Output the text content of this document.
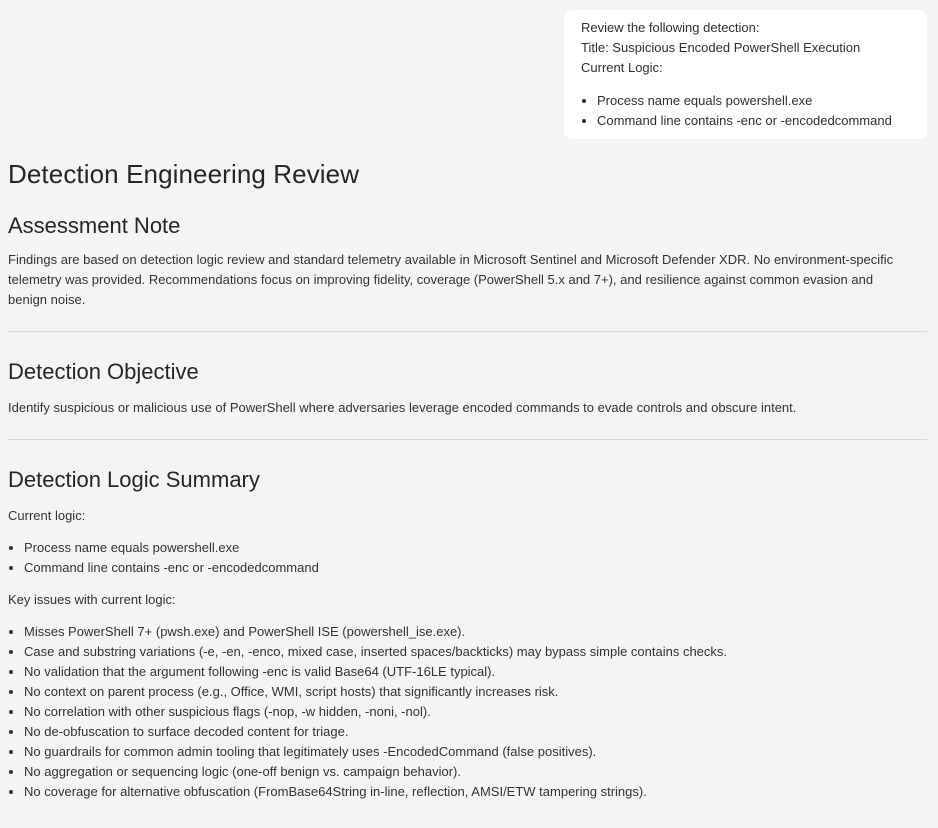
Review the following detection:
Title: Suspicious Encoded PowerShell Execution
Current Logic:
• Process name equals powershell.exe
• Command line contains -enc or -encodedcommand
Detection Engineering Review
Assessment Note

Findings are based on detection logic review and standard telemetry available in Microsoft Sentinel and Microsoft Defender XDR. No environment-specific telemetry was provided. Recommendations focus on improving fidelity, coverage (PowerShell 5.x and 7+), and resilience against common evasion and benign noise.

Detection Objective

Identify suspicious or malicious use of PowerShell where adversaries leverage encoded commands to evade controls and obscure intent.

Detection Logic Summary

Current logic:

• Process name equals powershell.exe
• Command line contains -enc or -encodedcommand

Key issues with current logic:

• Misses PowerShell 7+ (pwsh.exe) and PowerShell ISE (powershell_ise.exe).
• Case and substring variations (-e, -en, -enco, mixed case, inserted spaces/backticks) may bypass simple contains checks.
• No validation that the argument following -enc is valid Base64 (UTF-16LE typical).
• No context on parent process (e.g., Office, WMI, script hosts) that significantly increases risk.
• No correlation with other suspicious flags (-nop, -w hidden, -noni, -nol).
• No de-obfuscation to surface decoded content for triage.
• No guardrails for common admin tooling that legitimately uses -EncodedCommand (false positives).
• No aggregation or sequencing logic (one-off benign vs. campaign behavior).
• No coverage for alternative obfuscation (FromBase64String in-line, reflection, AMSI/ETW tampering strings).
